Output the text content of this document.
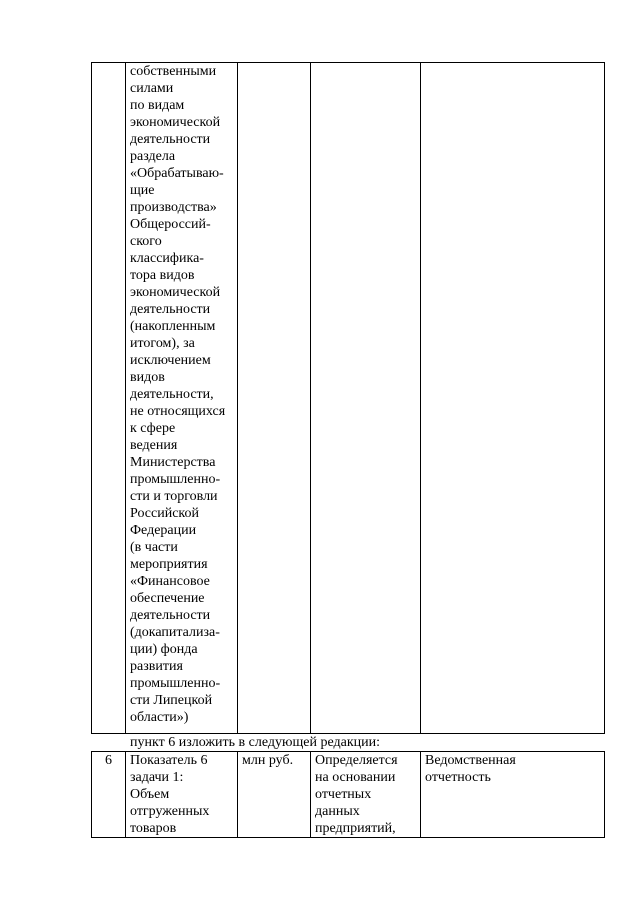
	собственными
силами
по видам
экономической
деятельности
раздела
«Обрабатываю-
щие
производства»
Общероссий-
ского
классифика-
тора видов
экономической
деятельности
(накопленным
итогом), за
исключением
видов
деятельности,
не относящихся
к сфере
ведения
Министерства
промышленно-
сти и торговли
Российской
Федерации
(в части
мероприятия
«Финансовое
обеспечение
деятельности
(докапитализа-
ции) фонда
развития
промышленно-
сти Липецкой
области»)			
пункт 6 изложить в следующей редакции:
6	Показатель 6
задачи 1:
Объем
отгруженных
товаров	млн руб.	Определяется
на основании
отчетных
данных
предприятий,	Ведомственная
отчетность
